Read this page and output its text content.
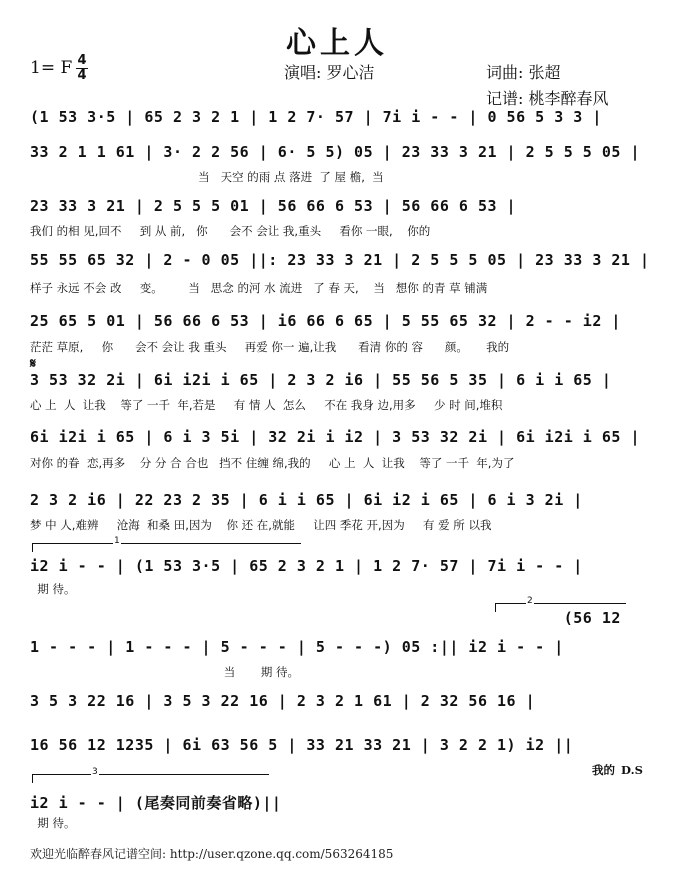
心上人
1= F 4
4	演唱: 罗心洁	词曲: 张超
记谱: 桃李醉春风
(1 53 3·5 | 65 2 3 2 1 | 1 2 7· 57 | 7i i - - | 0 56 5 3 3 |
33 2 1 1 61 | 3· 2 2 56 | 6· 5 5) 05 | 23 33 3 21 | 2 5 5 5 05 |
当   天空 的雨 点 落进  了 屋 檐,  当
23 33 3 21 | 2 5 5 5 01 | 56 66 6 53 | 56 66 6 53 |
我们 的相 见,回不     到 从 前,   你      会不 会让 我,重头     看你 一眼,    你的
55 55 65 32 | 2 - 0 05 ||: 23 33 3 21 | 2 5 5 5 05 | 23 33 3 21 |
样子 永远 不会 改     变。       当   思念 的河 水 流进   了 春 天,    当   想你 的青 草 铺满
25 65 5 01 | 56 66 6 53 | i6 66 6 65 | 5 55 65 32 | 2 - - i2 |
茫茫 草原,     你      会不 会让 我 重头     再爱 你一 遍,让我      看清 你的 容      颜。     我的
𝄋
3 53 32 2i | 6i i2i i 65 | 2 3 2 i6 | 55 56 5 35 | 6 i i 65 |
心 上  人  让我    等了 一千  年,若是     有 情 人  怎么     不在 我身 边,用多     少 时 间,堆积
6i i2i i 65 | 6 i 3 5i | 32 2i i i2 | 3 53 32 2i | 6i i2i i 65 |
对你 的眷  恋,再多    分 分 合 合也   挡不 住缠 绵,我的     心 上  人  让我    等了 一千  年,为了
2 3 2 i6 | 22 23 2 35 | 6 i i 65 | 6i i2 i 65 | 6 i 3 2i |
梦 中 人,难辨     沧海  和桑 田,因为    你 还 在,就能     让四 季花 开,因为     有 爱 所 以我
1
i2 i - - | (1 53 3·5 | 65 2 3 2 1 | 1 2 7· 57 | 7i i - - |
期 待。
2
(56 12
1 - - - | 1 - - - | 5 - - - | 5 - - -) 05 :|| i2 i - - |
当       期 待。
3 5 3 22 16 | 3 5 3 22 16 | 2 3 2 1 61 | 2 32 56 16 |
16 56 12 1235 | 6i 63 56 5 | 33 21 33 21 | 3 2 2 1) i2 ||
我的 D.S
3
i2 i - - | (尾奏同前奏省略)||
期 待。
欢迎光临醉春风记谱空间: http://user.qzone.qq.com/563264185
